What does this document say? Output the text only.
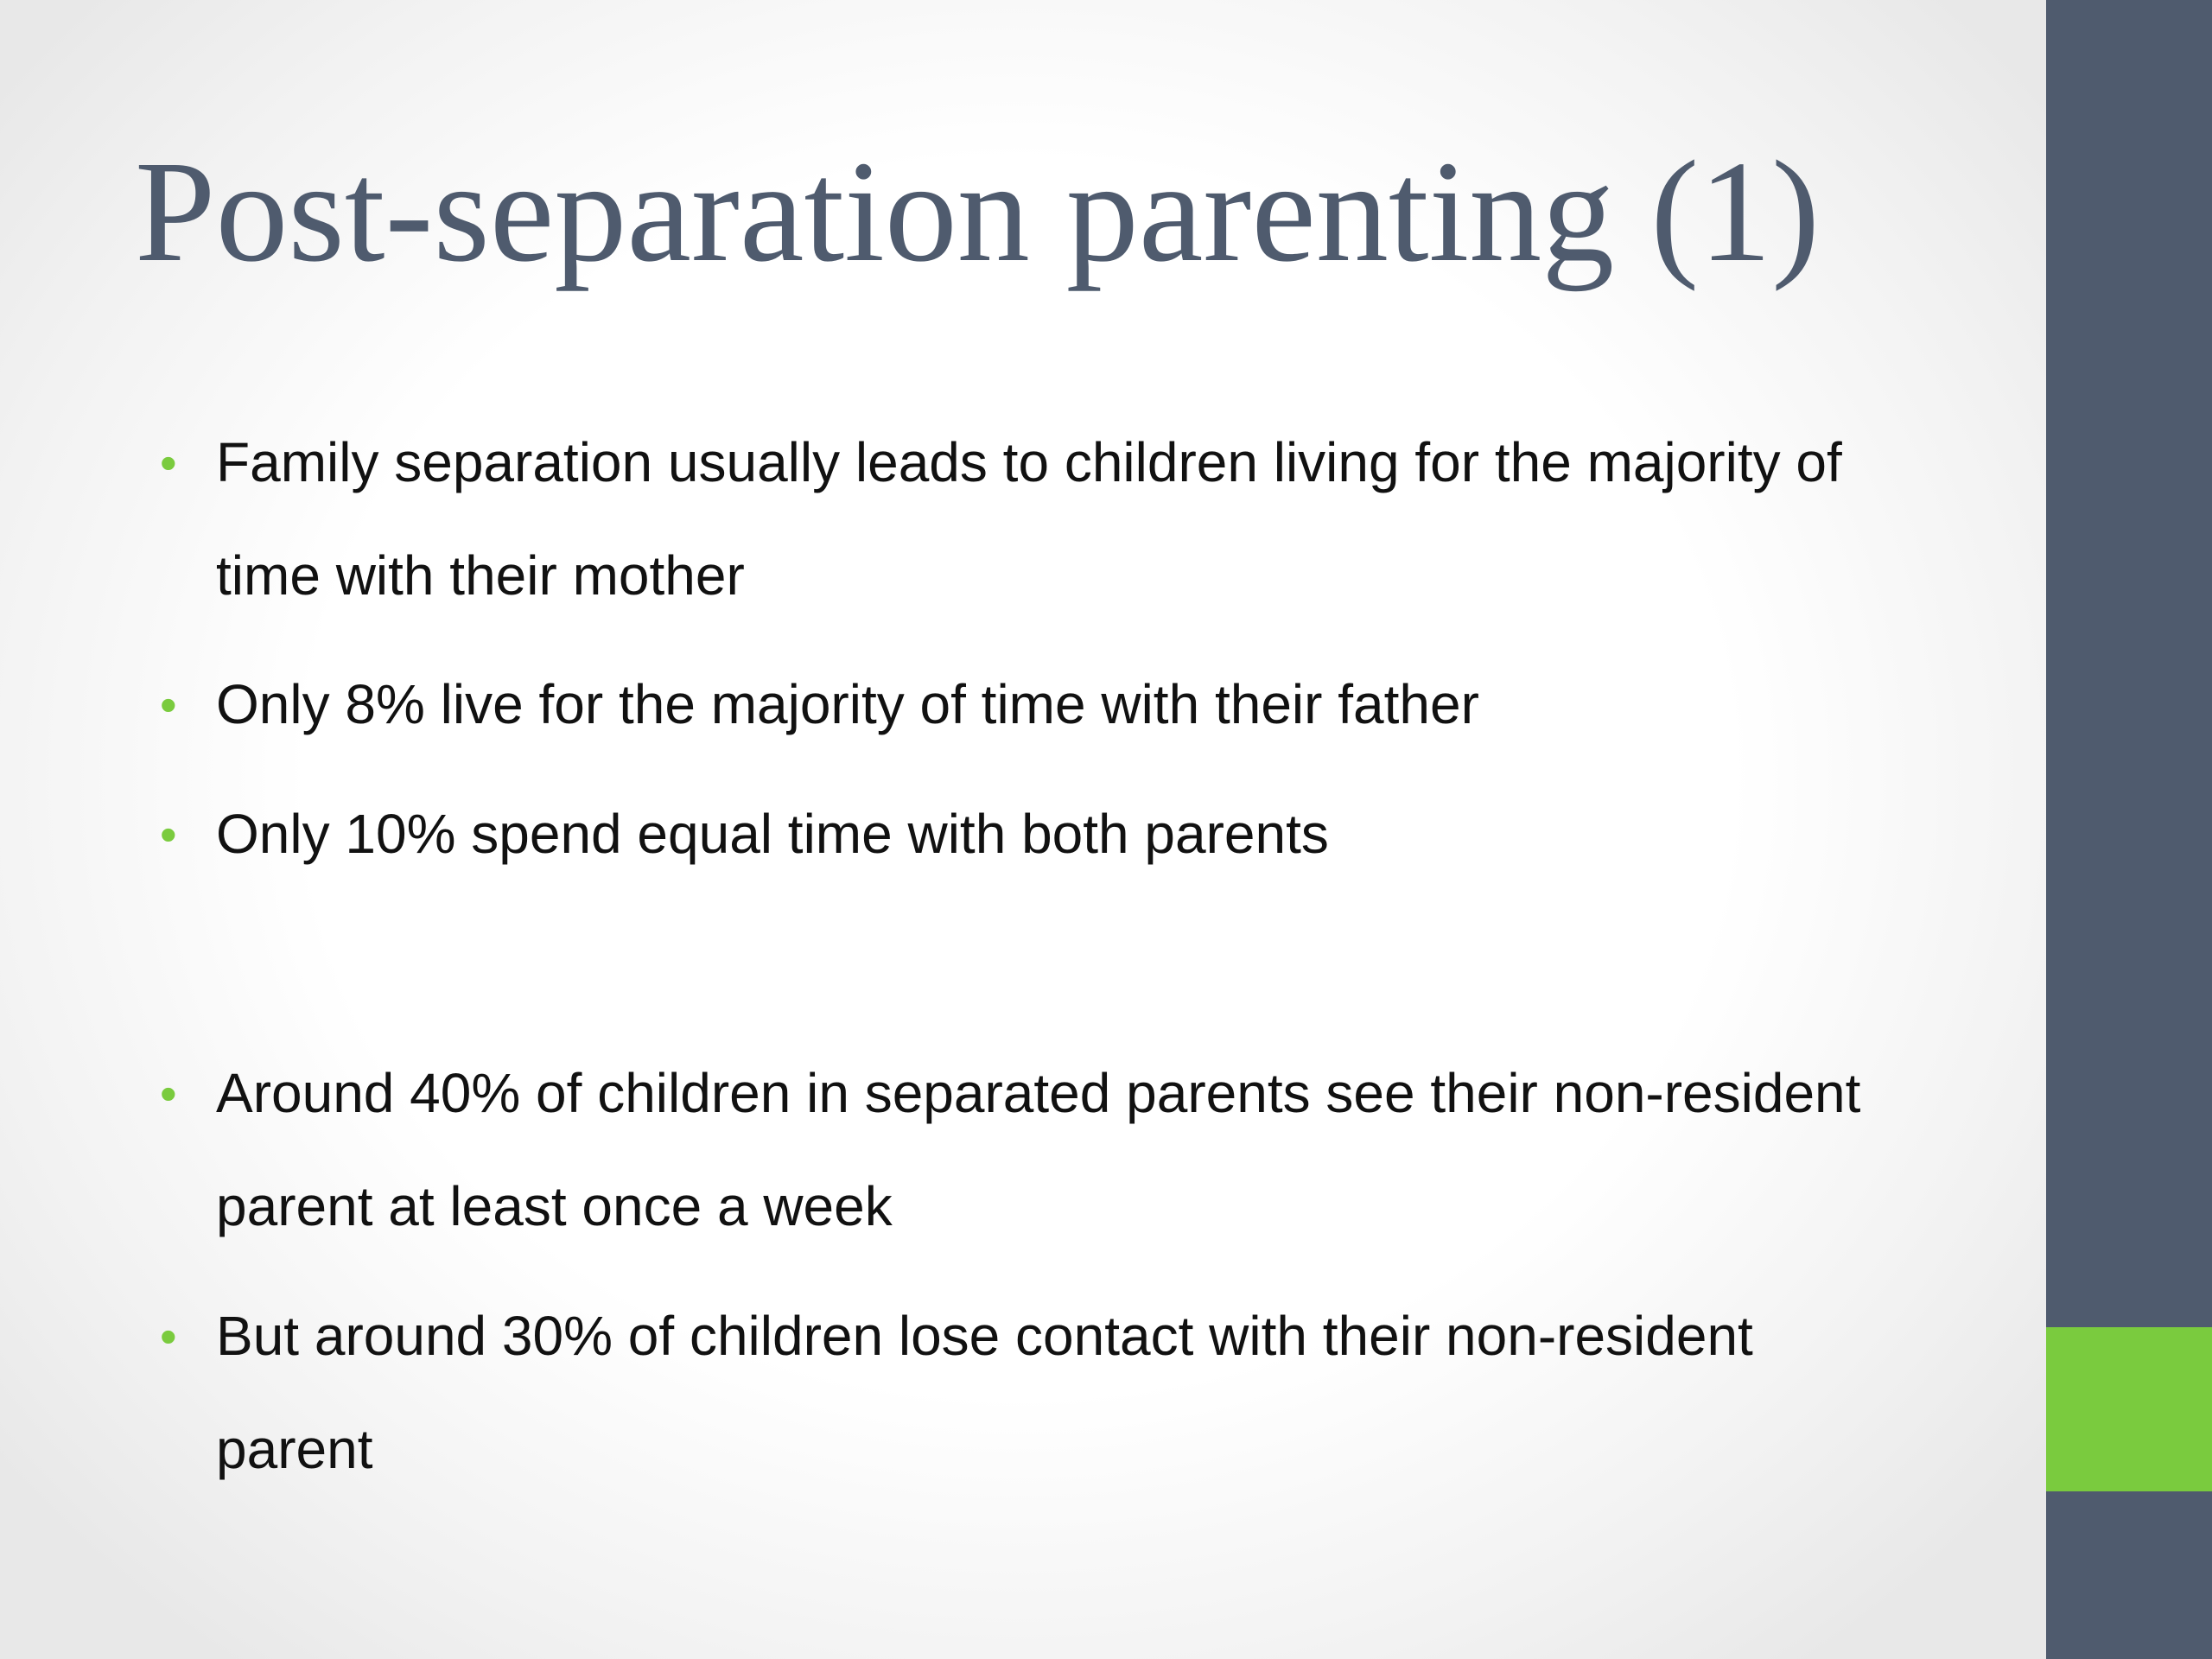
Post-separation parenting (1)
• Family separation usually leads to children living for the majority of time with their mother
• Only 8% live for the majority of time with their father
• Only 10% spend equal time with both parents
• Around 40% of children in separated parents see their non-resident parent at least once a week
• But around 30% of children lose contact with their non-resident parent
